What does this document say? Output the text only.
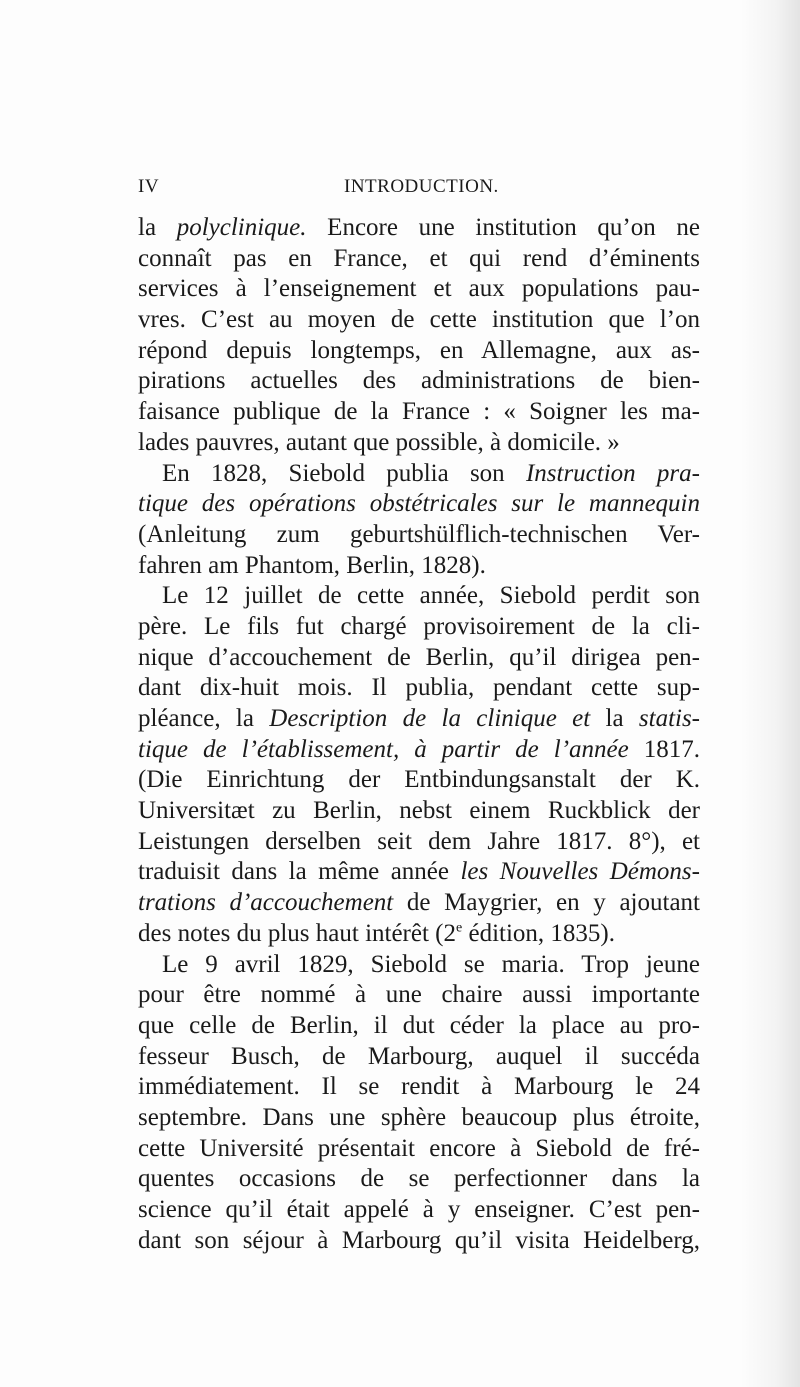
IV	INTRODUCTION.
la polyclinique. Encore une institution qu’on ne
connaît pas en France, et qui rend d’éminents
services à l’enseignement et aux populations pau-
vres. C’est au moyen de cette institution que l’on
répond depuis longtemps, en Allemagne, aux as-
pirations actuelles des administrations de bien-
faisance publique de la France : « Soigner les ma-
lades pauvres, autant que possible, à domicile. »
En 1828, Siebold publia son Instruction pra-
tique des opérations obstétricales sur le mannequin
(Anleitung zum geburtshülflich-technischen Ver-
fahren am Phantom, Berlin, 1828).
Le 12 juillet de cette année, Siebold perdit son
père. Le fils fut chargé provisoirement de la cli-
nique d’accouchement de Berlin, qu’il dirigea pen-
dant dix-huit mois. Il publia, pendant cette sup-
pléance, la Description de la clinique et la statis-
tique de l’établissement, à partir de l’année 1817.
(Die Einrichtung der Entbindungsanstalt der K.
Universitæt zu Berlin, nebst einem Ruckblick der
Leistungen derselben seit dem Jahre 1817. 8°), et
traduisit dans la même année les Nouvelles Démons-
trations d’accouchement de Maygrier, en y ajoutant
des notes du plus haut intérêt (2e édition, 1835).
Le 9 avril 1829, Siebold se maria. Trop jeune
pour être nommé à une chaire aussi importante
que celle de Berlin, il dut céder la place au pro-
fesseur Busch, de Marbourg, auquel il succéda
immédiatement. Il se rendit à Marbourg le 24
septembre. Dans une sphère beaucoup plus étroite,
cette Université présentait encore à Siebold de fré-
quentes occasions de se perfectionner dans la
science qu’il était appelé à y enseigner. C’est pen-
dant son séjour à Marbourg qu’il visita Heidelberg,
